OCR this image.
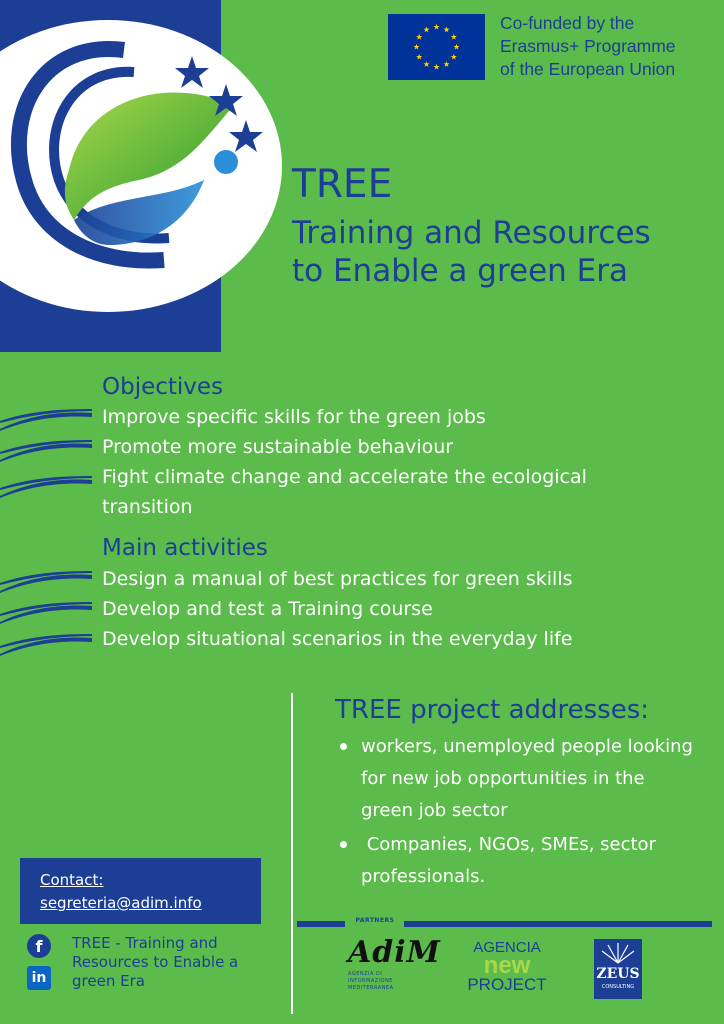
Co-funded by the
Erasmus+ Programme
of the European Union
TREE
Training and Resources
to Enable a green Era
Objectives
Improve specific skills for the green jobs
Promote more sustainable behaviour
Fight climate change and accelerate the ecological
transition
Main activities
Design a manual of best practices for green skills
Develop and test a Training course
Develop situational scenarios in the everyday life
TREE project addresses:
workers, unemployed people looking
for new job opportunities in the
green job sector
Companies, NGOs, SMEs, sector
professionals.
Contact:
segreteria@adim.info
f
in
TREE - Training and
Resources to Enable a
green Era
PARTNERS
AdiM
AGENZIA DI INFORMAZIONE MEDITERRANEA
AGENCIA
new
PROJECT
ZEUS
CONSULTING
